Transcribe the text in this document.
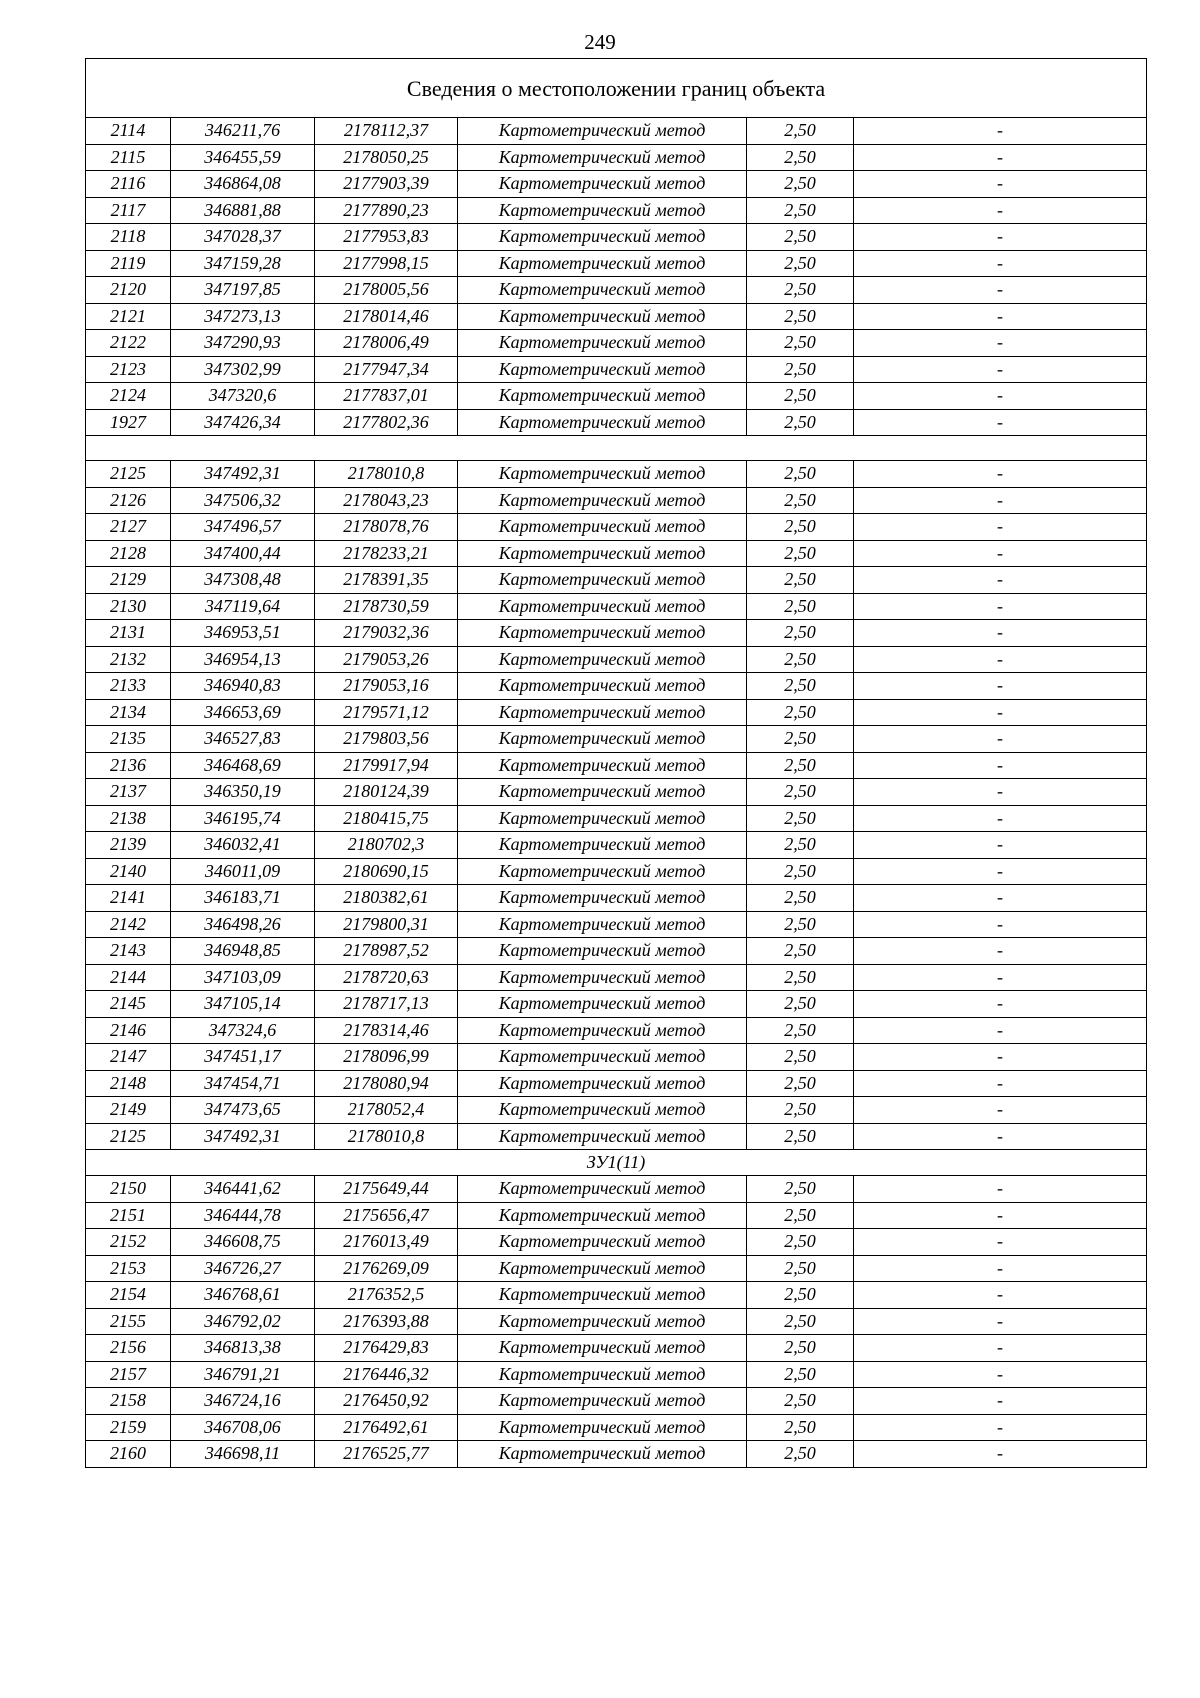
249
Сведения о местоположении границ объекта					
2114	346211,76	2178112,37	Картометрический метод	2,50	-
2115	346455,59	2178050,25	Картометрический метод	2,50	-
2116	346864,08	2177903,39	Картометрический метод	2,50	-
2117	346881,88	2177890,23	Картометрический метод	2,50	-
2118	347028,37	2177953,83	Картометрический метод	2,50	-
2119	347159,28	2177998,15	Картометрический метод	2,50	-
2120	347197,85	2178005,56	Картометрический метод	2,50	-
2121	347273,13	2178014,46	Картометрический метод	2,50	-
2122	347290,93	2178006,49	Картометрический метод	2,50	-
2123	347302,99	2177947,34	Картометрический метод	2,50	-
2124	347320,6	2177837,01	Картометрический метод	2,50	-
1927	347426,34	2177802,36	Картометрический метод	2,50	-

2125	347492,31	2178010,8	Картометрический метод	2,50	-
2126	347506,32	2178043,23	Картометрический метод	2,50	-
2127	347496,57	2178078,76	Картометрический метод	2,50	-
2128	347400,44	2178233,21	Картометрический метод	2,50	-
2129	347308,48	2178391,35	Картометрический метод	2,50	-
2130	347119,64	2178730,59	Картометрический метод	2,50	-
2131	346953,51	2179032,36	Картометрический метод	2,50	-
2132	346954,13	2179053,26	Картометрический метод	2,50	-
2133	346940,83	2179053,16	Картометрический метод	2,50	-
2134	346653,69	2179571,12	Картометрический метод	2,50	-
2135	346527,83	2179803,56	Картометрический метод	2,50	-
2136	346468,69	2179917,94	Картометрический метод	2,50	-
2137	346350,19	2180124,39	Картометрический метод	2,50	-
2138	346195,74	2180415,75	Картометрический метод	2,50	-
2139	346032,41	2180702,3	Картометрический метод	2,50	-
2140	346011,09	2180690,15	Картометрический метод	2,50	-
2141	346183,71	2180382,61	Картометрический метод	2,50	-
2142	346498,26	2179800,31	Картометрический метод	2,50	-
2143	346948,85	2178987,52	Картометрический метод	2,50	-
2144	347103,09	2178720,63	Картометрический метод	2,50	-
2145	347105,14	2178717,13	Картометрический метод	2,50	-
2146	347324,6	2178314,46	Картометрический метод	2,50	-
2147	347451,17	2178096,99	Картометрический метод	2,50	-
2148	347454,71	2178080,94	Картометрический метод	2,50	-
2149	347473,65	2178052,4	Картометрический метод	2,50	-
2125	347492,31	2178010,8	Картометрический метод	2,50	-
ЗУ1(11)					
2150	346441,62	2175649,44	Картометрический метод	2,50	-
2151	346444,78	2175656,47	Картометрический метод	2,50	-
2152	346608,75	2176013,49	Картометрический метод	2,50	-
2153	346726,27	2176269,09	Картометрический метод	2,50	-
2154	346768,61	2176352,5	Картометрический метод	2,50	-
2155	346792,02	2176393,88	Картометрический метод	2,50	-
2156	346813,38	2176429,83	Картометрический метод	2,50	-
2157	346791,21	2176446,32	Картометрический метод	2,50	-
2158	346724,16	2176450,92	Картометрический метод	2,50	-
2159	346708,06	2176492,61	Картометрический метод	2,50	-
2160	346698,11	2176525,77	Картометрический метод	2,50	-
